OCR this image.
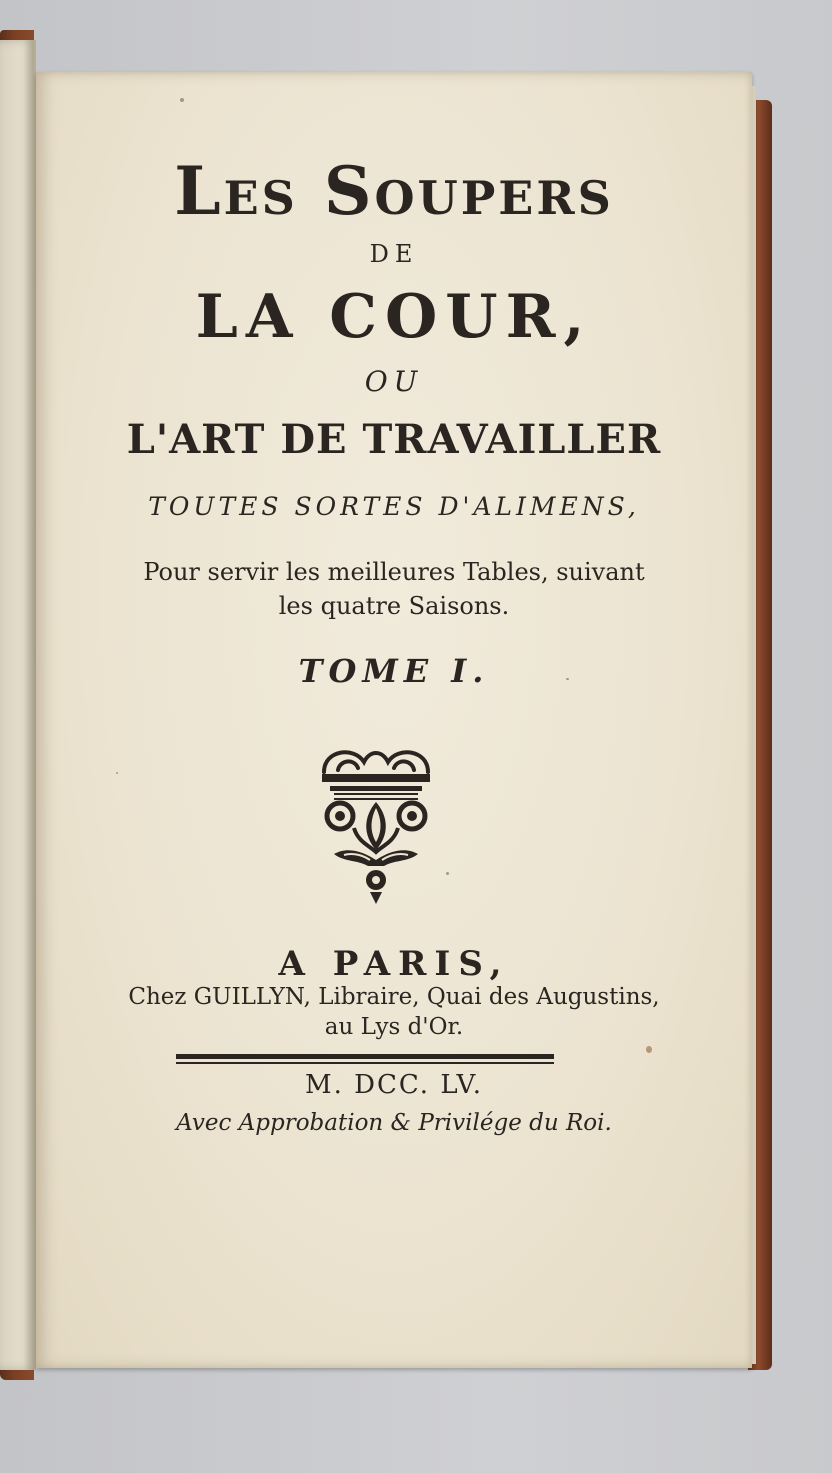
Les Soupers
DE
LA COUR,
OU
L'ART DE TRAVAILLER
TOUTES SORTES D'ALIMENS,
Pour servir les meilleures Tables, suivant
les quatre Saisons.
TOME I.
A PARIS,
Chez GUILLYN, Libraire, Quai des Augustins,
au Lys d'Or.
M. DCC. LV.
Avec Approbation & Privilége du Roi.
